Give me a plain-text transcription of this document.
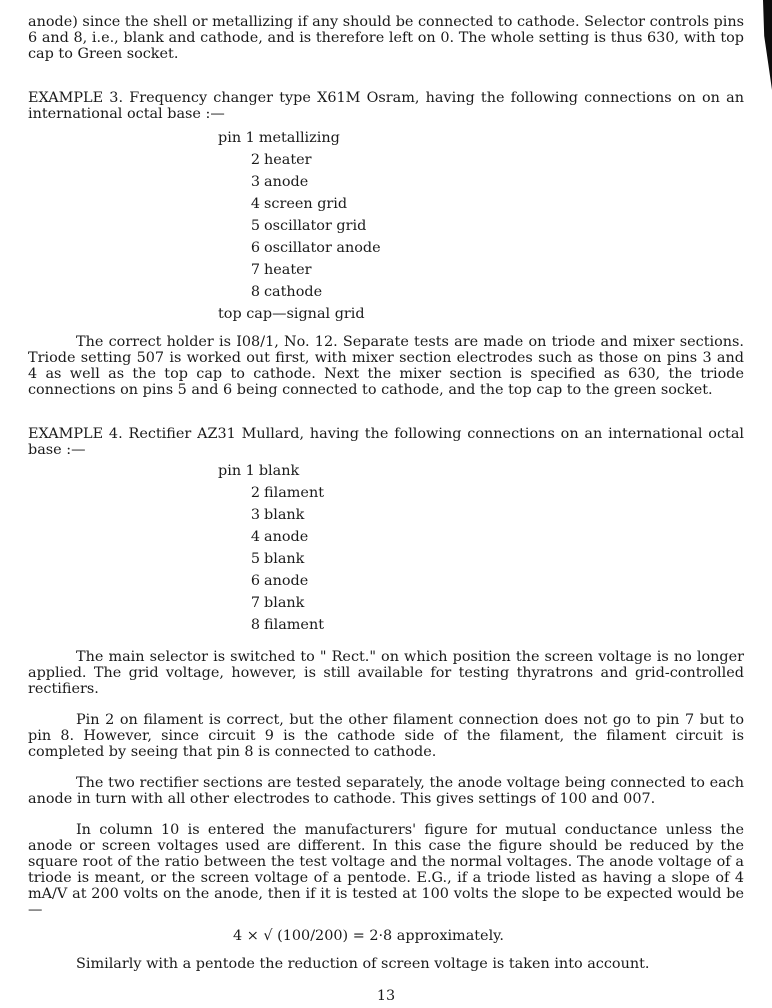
anode) since the shell or metallizing if any should be connected to cathode. Selector controls pins 6 and 8, i.e., blank and cathode, and is therefore left on 0. The whole setting is thus 630, with top cap to Green socket.

EXAMPLE 3. Frequency changer type X61M Osram, having the following connections on on an international octal base :—

pin 1 metallizing
2 heater
3 anode
4 screen grid
5 oscillator grid
6 oscillator anode
7 heater
8 cathode
top cap—signal grid

The correct holder is I08/1, No. 12. Separate tests are made on triode and mixer sections. Triode setting 507 is worked out first, with mixer section electrodes such as those on pins 3 and 4 as well as the top cap to cathode. Next the mixer section is specified as 630, the triode connections on pins 5 and 6 being connected to cathode, and the top cap to the green socket.

EXAMPLE 4. Rectifier AZ31 Mullard, having the following connections on an international octal base :—

pin 1 blank
2 filament
3 blank
4 anode
5 blank
6 anode
7 blank
8 filament

The main selector is switched to " Rect." on which position the screen voltage is no longer applied. The grid voltage, however, is still available for testing thyratrons and grid-controlled rectifiers.

Pin 2 on filament is correct, but the other filament connection does not go to pin 7 but to pin 8. However, since circuit 9 is the cathode side of the filament, the filament circuit is completed by seeing that pin 8 is connected to cathode.

The two rectifier sections are tested separately, the anode voltage being connected to each anode in turn with all other electrodes to cathode. This gives settings of 100 and 007.

In column 10 is entered the manufacturers' figure for mutual conductance unless the anode or screen voltages used are different. In this case the figure should be reduced by the square root of the ratio between the test voltage and the normal voltages. The anode voltage of a triode is meant, or the screen voltage of a pentode. E.G., if a triode listed as having a slope of 4 mA/V at 200 volts on the anode, then if it is tested at 100 volts the slope to be expected would be—

4 × √ (100/200) = 2·8 approximately.

Similarly with a pentode the reduction of screen voltage is taken into account.

13
